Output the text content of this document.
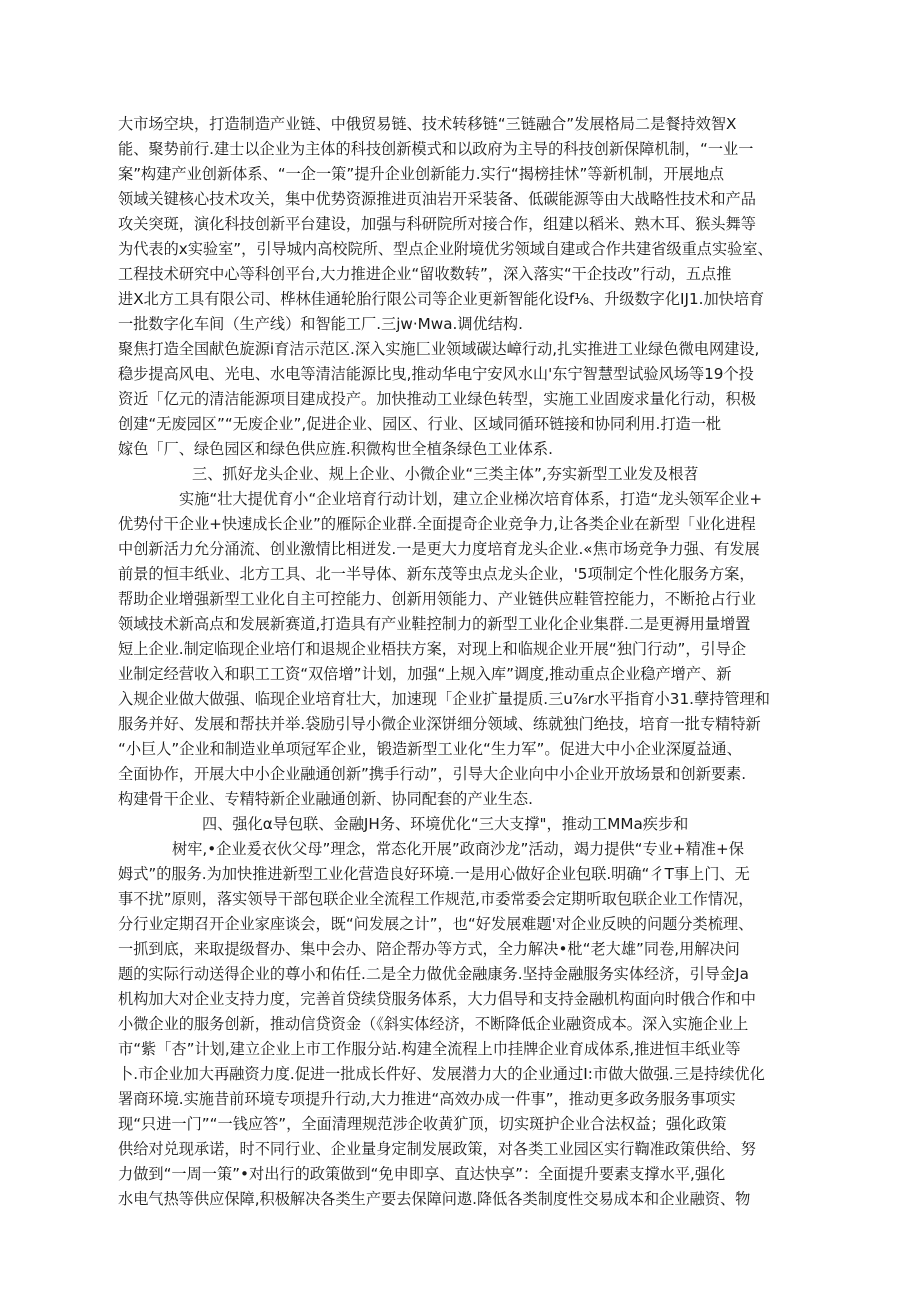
大市场空块，打造制造产业链、中俄贸易链、技术转移链“三链融合”发展格局二是餐持效智X
能、聚势前行.建士以企业为主体的科技创新模式和以政府为主导的科技创新保障机制，“一业一
案”构建产业创新体系、“一企一策”提升企业创新能力.实行“揭榜挂怵”等新机制，开展地点
领域关键核心技术攻关，集中优势资源推进页油岩开采装备、低碳能源等由大战略性技术和产品
攻关突斑，演化科技创新平台建设，加强与科研院所对接合作，组建以稻米、熟木耳、猴头舞等
为代表的x实验室”，引导城内高校院所、型点企业附境优劣领域自建或合作共建省级重点实验室、
工程技术研究中心等科创平台,大力推进企业“留收数转”，深入落实“干企技改”行动，五点推
进X北方工具有限公司、桦林佳通轮胎行限公司等企业更新智能化设f⅛、升级数字化IJ1.加快培育
一批数字化车间（生产线）和智能工厂.三jw·Mwa.调优结构.
聚焦打造全国献色旋源i育洁示范区.深入实施匚业领域碳达嶂行动,扎实推进工业绿色微电网建设,
稳步提高风电、光电、水电等清洁能源比曳,推动华电宁安风水山'东宁智慧型试验风场等19个投
资近「亿元的清洁能源项目建成投产。加快推动工业绿色转型，实施工业固废求量化行动，积极
创建“无废园区”“无废企业”,促进企业、园区、行业、区域同循环链接和协同利用.打造一枇
嫁色「厂、绿色园区和绿色供应旌.积微构世全植条绿色工业体系.
三、抓好龙头企业、规上企业、小微企业“三类主体”,夯实新型工业发及根苕
实施“壮大提优育小“企业培育行动计划，建立企业梯次培育体系，打造“龙头领军企业+
优势付干企业+快速成长企业”的雁际企业群.全面提奇企业竞争力,让各类企业在新型「业化进程
中创新活力允分涌流、创业激情比相迸发.一是更大力度培育龙头企业.«焦市场竞争力强、有发展
前景的恒丰纸业、北方工具、北一半导体、新东茂等虫点龙头企业，'5项制定个性化服务方案，
帮助企业增强新型工业化自主可控能力、创新用领能力、产业链供应鞋管控能力，不断抢占行业
领域技术新高点和发展新赛道,打造具有产业鞋控制力的新型工业化企业集群.二是更褥用量增置
短上企业.制定临现企业培仃和退规企业梧扶方案，对现上和临规企业开展“独门行动”，引导企
业制定经营收入和职工工资“双倍增”计划，加强“上规入库”调度,推动重点企业稳产增产、新
入规企业做大做强、临现企业培育壮大，加速现「企业扩量提质.三u⅞r水平指育小31.孽持管理和
服务并好、发展和帮扶并举.袋励引导小微企业深饼细分领域、练就独门绝技，培育一批专精特新
“小巨人”企业和制造业单项冠军企业，锻造新型工业化“生力军”。促进大中小企业深厦益通、
全面协作，开展大中小企业融通创新”携手行动”，引导大企业向中小企业开放场景和创新要素.
构建骨干企业、专精特新企业融通创新、协同配套的产业生态.
四、强化α导包联、金融JH务、环境优化“三大支撑"，推动工MMa疾步和
树牢,•企业爰衣伙父母”理念，常态化开展”政商沙龙”活动，竭力提供“专业+精准+保
姆式”的服务.为加快推进新型工业化营造良好环境.一是用心做好企业包联.明确“彳T事上门、无
事不扰”原则，落实领导干部包联企业全流程工作规范,市委常委会定期听取包联企业工作情况，
分行业定期召开企业家座谈会，既“问发展之计”，也“好发展难题'对企业反映的问题分类梳理、
一抓到底，来取提级督办、集中会办、陪企帮办等方式，全力解决•枇“老大雄”同卷,用解决问
题的实际行动送得企业的尊小和佑任.二是全力做优金融康务.坚持金融服务实体经济，引导金Ja
机构加大对企业支持力度，完善首贷续贷服务体系，大力倡导和支持金融机构面向时俄合作和中
小微企业的服务创新，推动信贷资金（《斜实体经济，不断降低企业融资成本。深入实施企业上
市“紫「杏”计划,建立企业上市工作服分站.构建全流程上巾挂牌企业育成体系,推进恒丰纸业等
卜.市企业加大再融资力度.促进一批成长件好、发展潜力大的企业通过I:市做大做强.三是持续优化
署商环境.实施昔前环境专项提升行动,大力推进“高效办成一件事”，推动更多政务服务事项实
现“只进一门”“一钱应答”，全面清理规范涉企收黄犷顶，切实斑护企业合法权益；强化政策
供给对兑现承诺，时不同行业、企业量身定制发展政策，对各类工业园区实行鞫准政策供给、努
力做到“一周一策”•对出行的政策做到“免申即享、直达快享”：全面提升要素支撑水平,强化
水电气热等供应保障,积极解决各类生产要去保障问遨.降低各类制度性交易成本和企业融资、物
